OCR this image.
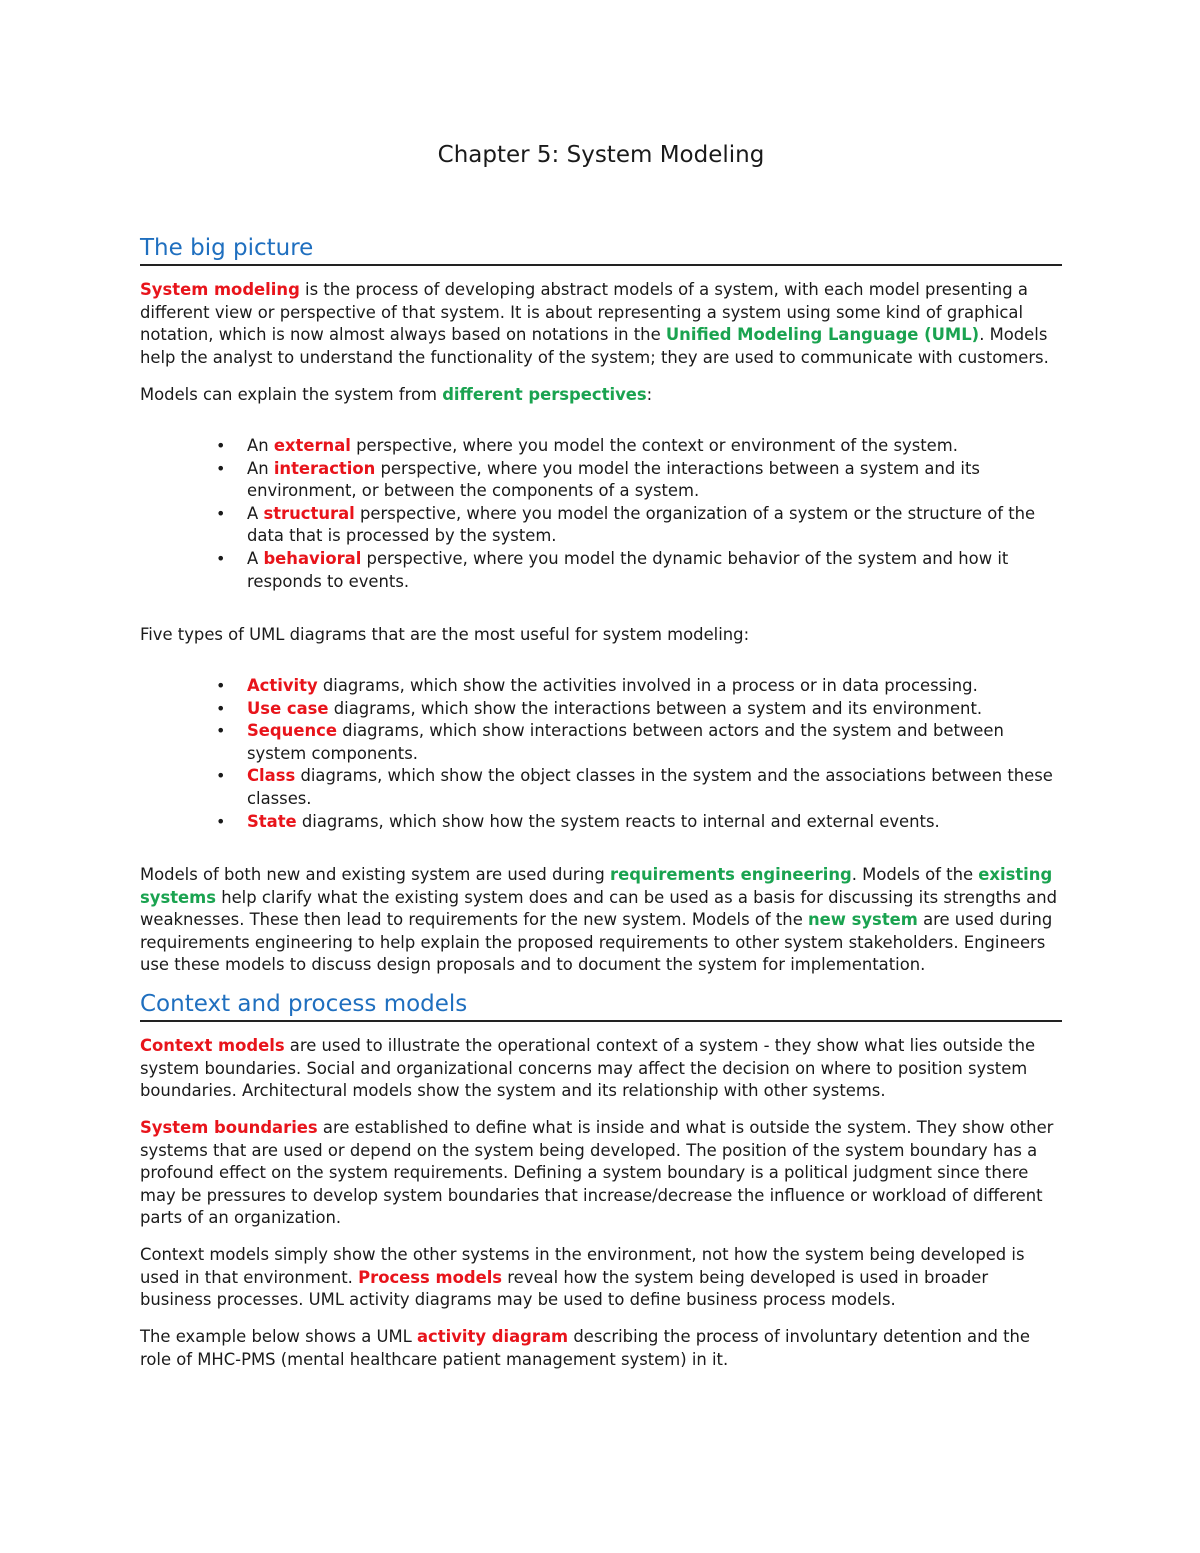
Chapter 5: System Modeling
The big picture

System modeling is the process of developing abstract models of a system, with each model presenting a different view or perspective of that system. It is about representing a system using some kind of graphical notation, which is now almost always based on notations in the Unified Modeling Language (UML). Models help the analyst to understand the functionality of the system; they are used to communicate with customers.

Models can explain the system from different perspectives:

• An external perspective, where you model the context or environment of the system.
• An interaction perspective, where you model the interactions between a system and its environment, or between the components of a system.
• A structural perspective, where you model the organization of a system or the structure of the data that is processed by the system.
• A behavioral perspective, where you model the dynamic behavior of the system and how it responds to events.

Five types of UML diagrams that are the most useful for system modeling:

• Activity diagrams, which show the activities involved in a process or in data processing.
• Use case diagrams, which show the interactions between a system and its environment.
• Sequence diagrams, which show interactions between actors and the system and between system components.
• Class diagrams, which show the object classes in the system and the associations between these classes.
• State diagrams, which show how the system reacts to internal and external events.

Models of both new and existing system are used during requirements engineering. Models of the existing systems help clarify what the existing system does and can be used as a basis for discussing its strengths and weaknesses. These then lead to requirements for the new system. Models of the new system are used during requirements engineering to help explain the proposed requirements to other system stakeholders. Engineers use these models to discuss design proposals and to document the system for implementation.

Context and process models

Context models are used to illustrate the operational context of a system - they show what lies outside the system boundaries. Social and organizational concerns may affect the decision on where to position system boundaries. Architectural models show the system and its relationship with other systems.

System boundaries are established to define what is inside and what is outside the system. They show other systems that are used or depend on the system being developed. The position of the system boundary has a profound effect on the system requirements. Defining a system boundary is a political judgment since there may be pressures to develop system boundaries that increase/decrease the influence or workload of different parts of an organization.

Context models simply show the other systems in the environment, not how the system being developed is used in that environment. Process models reveal how the system being developed is used in broader business processes. UML activity diagrams may be used to define business process models.

The example below shows a UML activity diagram describing the process of involuntary detention and the role of MHC-PMS (mental healthcare patient management system) in it.
